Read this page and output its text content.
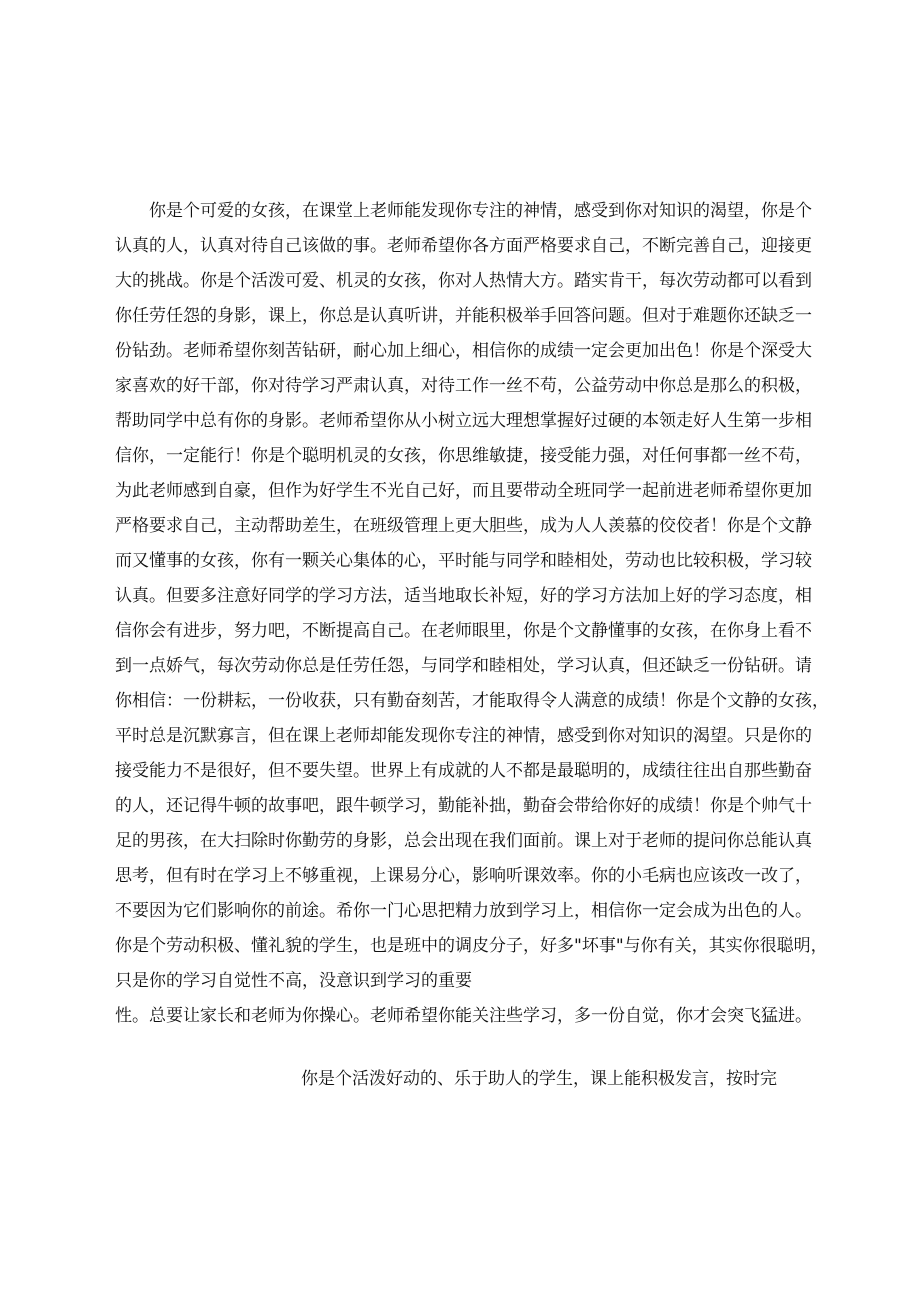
你是个可爱的女孩，在课堂上老师能发现你专注的神情，感受到你对知识的渴望，你是个

认真的人，认真对待自己该做的事。老师希望你各方面严格要求自己，不断完善自己，迎接更

大的挑战。你是个活泼可爱、机灵的女孩，你对人热情大方。踏实肯干，每次劳动都可以看到

你任劳任怨的身影，课上，你总是认真听讲，并能积极举手回答问题。但对于难题你还缺乏一

份钻劲。老师希望你刻苦钻研，耐心加上细心，相信你的成绩一定会更加出色！你是个深受大

家喜欢的好干部，你对待学习严肃认真，对待工作一丝不苟，公益劳动中你总是那么的积极，

帮助同学中总有你的身影。老师希望你从小树立远大理想掌握好过硬的本领走好人生第一步相

信你，一定能行！你是个聪明机灵的女孩，你思维敏捷，接受能力强，对任何事都一丝不苟，

为此老师感到自豪，但作为好学生不光自己好，而且要带动全班同学一起前进老师希望你更加

严格要求自己，主动帮助差生，在班级管理上更大胆些，成为人人羡慕的佼佼者！你是个文静

而又懂事的女孩，你有一颗关心集体的心，平时能与同学和睦相处，劳动也比较积极，学习较

认真。但要多注意好同学的学习方法，适当地取长补短，好的学习方法加上好的学习态度，相

信你会有进步，努力吧，不断提高自己。在老师眼里，你是个文静懂事的女孩，在你身上看不

到一点娇气，每次劳动你总是任劳任怨，与同学和睦相处，学习认真，但还缺乏一份钻研。请

你相信：一份耕耘，一份收获，只有勤奋刻苦，才能取得令人满意的成绩！你是个文静的女孩，

平时总是沉默寡言，但在课上老师却能发现你专注的神情，感受到你对知识的渴望。只是你的

接受能力不是很好，但不要失望。世界上有成就的人不都是最聪明的，成绩往往出自那些勤奋

的人，还记得牛顿的故事吧，跟牛顿学习，勤能补拙，勤奋会带给你好的成绩！你是个帅气十

足的男孩，在大扫除时你勤劳的身影，总会出现在我们面前。课上对于老师的提问你总能认真

思考，但有时在学习上不够重视，上课易分心，影响听课效率。你的小毛病也应该改一改了，

不要因为它们影响你的前途。希你一门心思把精力放到学习上，相信你一定会成为出色的人。

你是个劳动积极、懂礼貌的学生，也是班中的调皮分子，好多"坏事"与你有关，其实你很聪明，

只是你的学习自觉性不高，没意识到学习的重要

性。总要让家长和老师为你操心。老师希望你能关注些学习，多一份自觉，你才会突飞猛进。

你是个活泼好动的、乐于助人的学生，课上能积极发言，按时完
